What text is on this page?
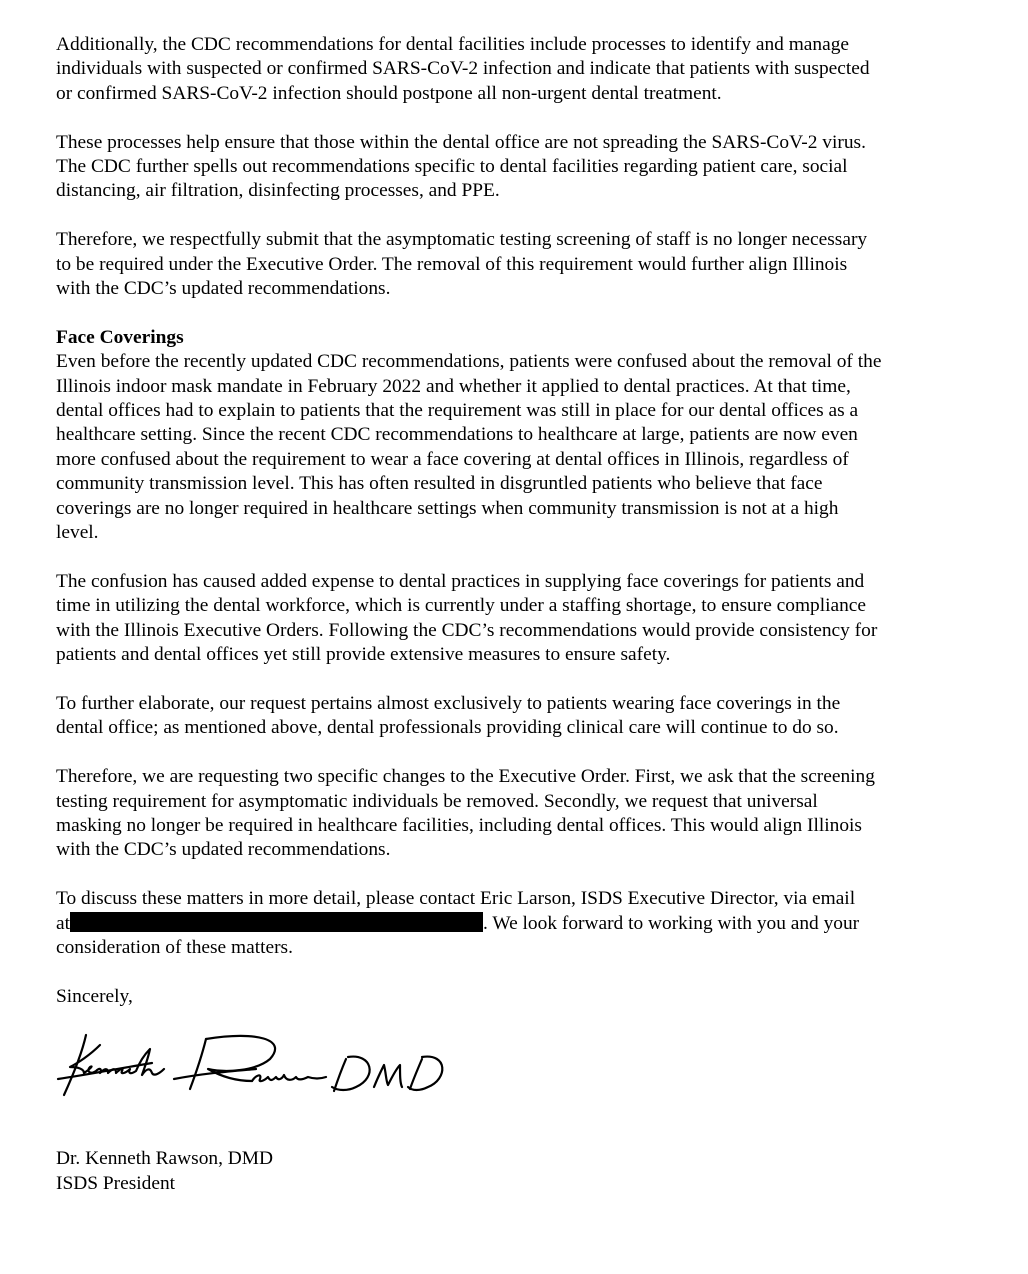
Additionally, the CDC recommendations for dental facilities include processes to identify and manage
individuals with suspected or confirmed SARS-CoV-2 infection and indicate that patients with suspected
or confirmed SARS-CoV-2 infection should postpone all non-urgent dental treatment.

These processes help ensure that those within the dental office are not spreading the SARS-CoV-2 virus.
The CDC further spells out recommendations specific to dental facilities regarding patient care, social
distancing, air filtration, disinfecting processes, and PPE.

Therefore, we respectfully submit that the asymptomatic testing screening of staff is no longer necessary
to be required under the Executive Order. The removal of this requirement would further align Illinois
with the CDC’s updated recommendations.

Face Coverings
Even before the recently updated CDC recommendations, patients were confused about the removal of the
Illinois indoor mask mandate in February 2022 and whether it applied to dental practices. At that time,
dental offices had to explain to patients that the requirement was still in place for our dental offices as a
healthcare setting. Since the recent CDC recommendations to healthcare at large, patients are now even
more confused about the requirement to wear a face covering at dental offices in Illinois, regardless of
community transmission level. This has often resulted in disgruntled patients who believe that face
coverings are no longer required in healthcare settings when community transmission is not at a high
level.

The confusion has caused added expense to dental practices in supplying face coverings for patients and
time in utilizing the dental workforce, which is currently under a staffing shortage, to ensure compliance
with the Illinois Executive Orders. Following the CDC’s recommendations would provide consistency for
patients and dental offices yet still provide extensive measures to ensure safety.

To further elaborate, our request pertains almost exclusively to patients wearing face coverings in the
dental office; as mentioned above, dental professionals providing clinical care will continue to do so.

Therefore, we are requesting two specific changes to the Executive Order. First, we ask that the screening
testing requirement for asymptomatic individuals be removed. Secondly, we request that universal
masking no longer be required in healthcare facilities, including dental offices. This would align Illinois
with the CDC’s updated recommendations.

To discuss these matters in more detail, please contact Eric Larson, ISDS Executive Director, via email
at	. We look forward to working with you and your
consideration of these matters.

Sincerely,

Dr. Kenneth Rawson, DMD
ISDS President
